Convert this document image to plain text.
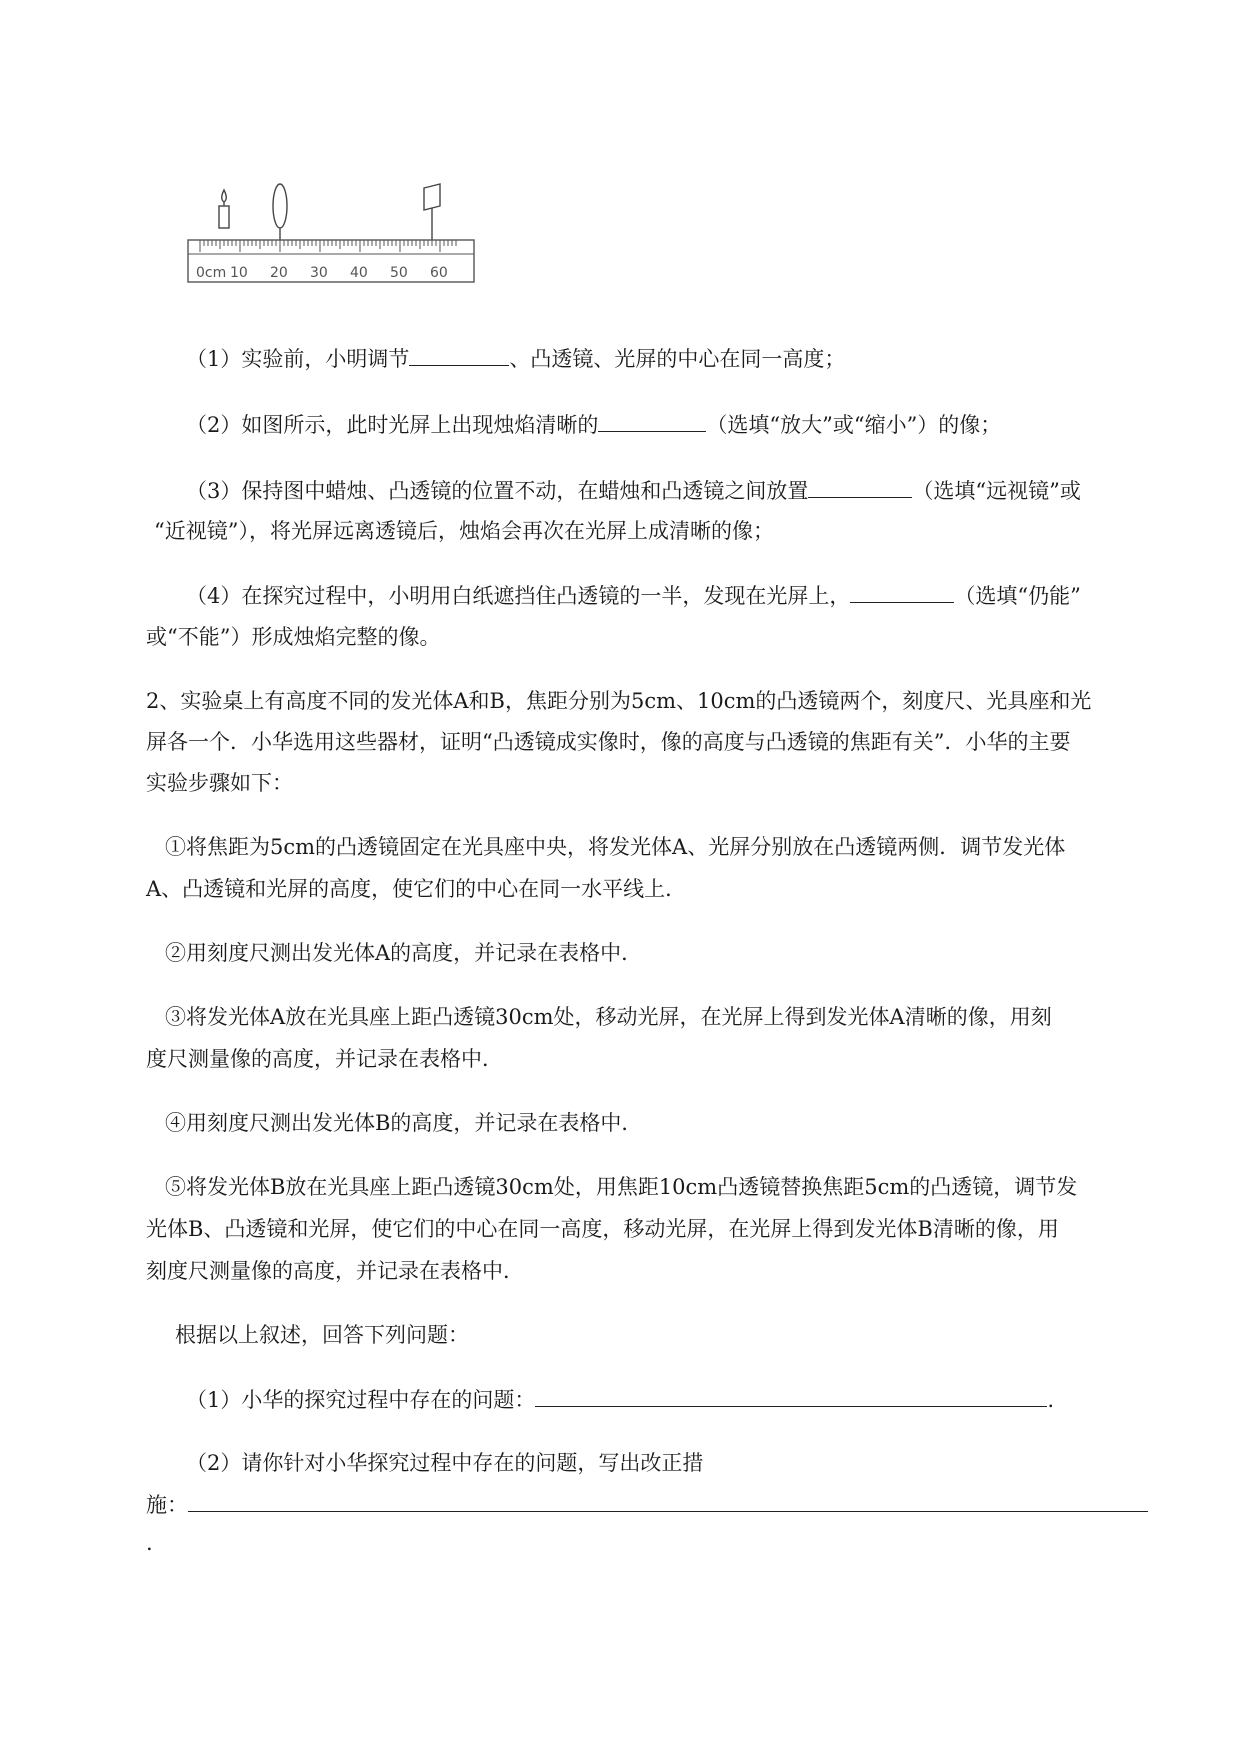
0cm 10 20 30 40 50 60
（1）实验前，小明调节	、凸透镜、光屏的中心在同一高度；
（2）如图所示，此时光屏上出现烛焰清晰的	（选填“放大”或“缩小”）的像；
（3）保持图中蜡烛、凸透镜的位置不动，在蜡烛和凸透镜之间放置	（选填“远视镜”或
“近视镜”），将光屏远离透镜后，烛焰会再次在光屏上成清晰的像；
（4）在探究过程中，小明用白纸遮挡住凸透镜的一半，发现在光屏上，	（选填“仍能”
或“不能”）形成烛焰完整的像。
2、实验桌上有高度不同的发光体A和B，焦距分别为5cm、10cm的凸透镜两个，刻度尺、光具座和光
屏各一个．小华选用这些器材，证明“凸透镜成实像时，像的高度与凸透镜的焦距有关”．小华的主要
实验步骤如下：
①将焦距为5cm的凸透镜固定在光具座中央，将发光体A、光屏分别放在凸透镜两侧．调节发光体
A、凸透镜和光屏的高度，使它们的中心在同一水平线上．
②用刻度尺测出发光体A的高度，并记录在表格中．
③将发光体A放在光具座上距凸透镜30cm处，移动光屏，在光屏上得到发光体A清晰的像，用刻
度尺测量像的高度，并记录在表格中．
④用刻度尺测出发光体B的高度，并记录在表格中．
⑤将发光体B放在光具座上距凸透镜30cm处，用焦距10cm凸透镜替换焦距5cm的凸透镜，调节发
光体B、凸透镜和光屏，使它们的中心在同一高度，移动光屏，在光屏上得到发光体B清晰的像，用
刻度尺测量像的高度，并记录在表格中．
根据以上叙述，回答下列问题：
（1）小华的探究过程中存在的问题：	.
（2）请你针对小华探究过程中存在的问题，写出改正措
施：
.
